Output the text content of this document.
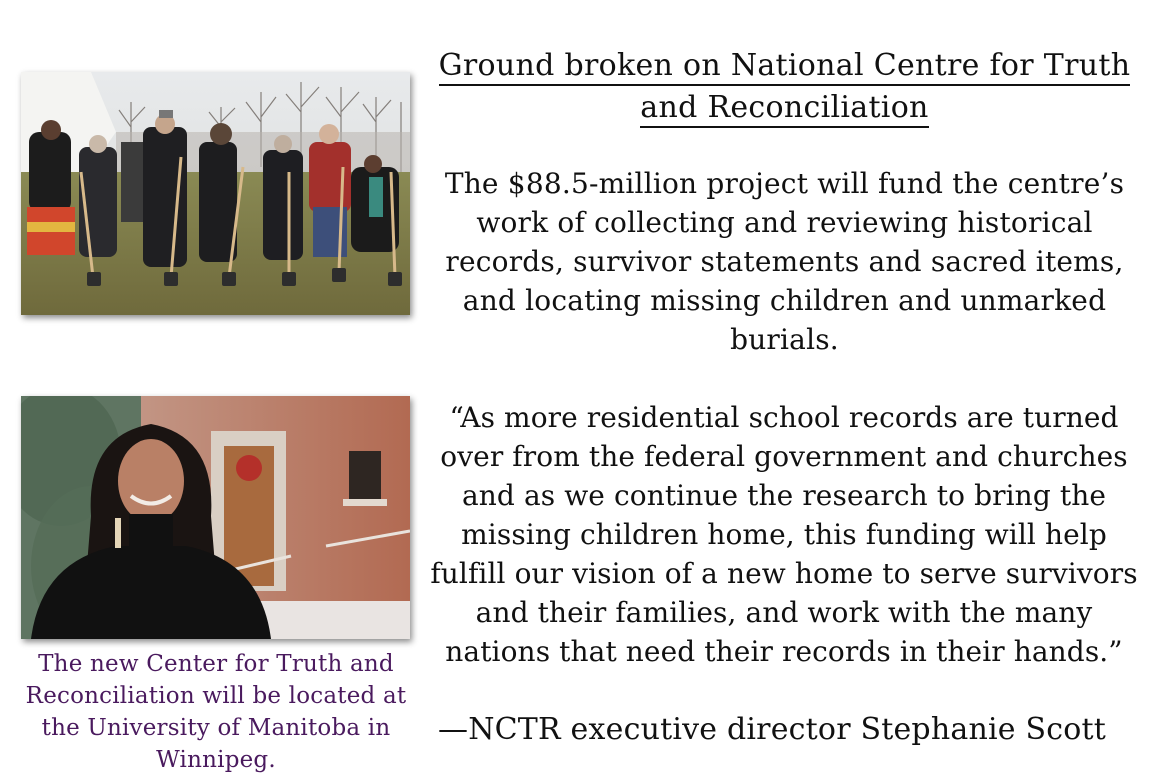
The new Center for Truth and Reconciliation will be located at the University of Manitoba in Winnipeg.
Ground broken on National Centre for Truth
and Reconciliation
The $88.5-million project will fund the centre’s work of collecting and reviewing historical records, survivor statements and sacred items, and locating missing children and unmarked burials.
“As more residential school records are turned over from the federal government and churches and as we continue the research to bring the missing children home, this funding will help fulfill our vision of a new home to serve survivors and their families, and work with the many nations that need their records in their hands.”
—NCTR executive director Stephanie Scott
